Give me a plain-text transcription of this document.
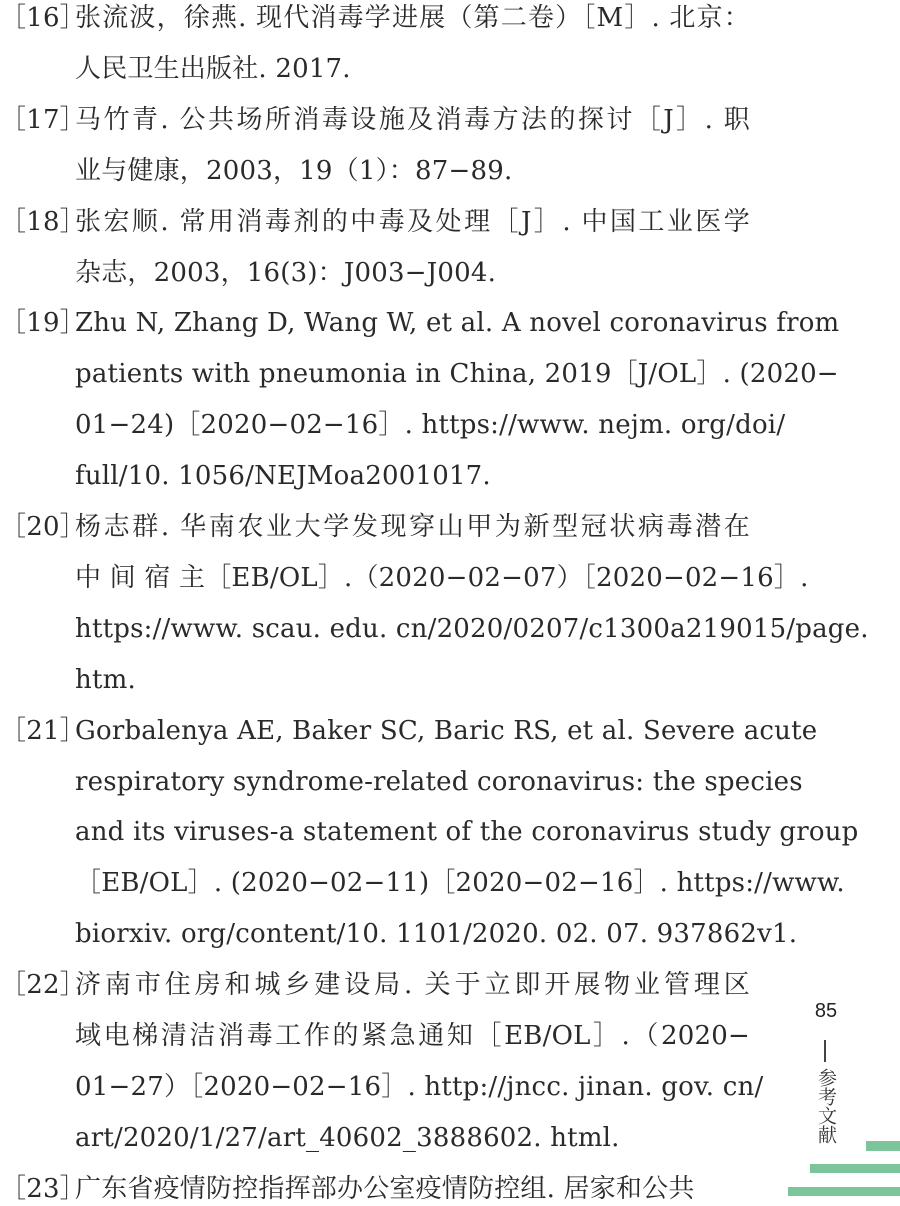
［16］
张流波，徐燕. 现代消毒学进展（第二卷）［M］. 北京：
人民卫生出版社. 2017.
［17］
马竹青. 公共场所消毒设施及消毒方法的探讨［J］. 职
业与健康，2003，19（1）：87−89.
［18］
张宏顺. 常用消毒剂的中毒及处理［J］. 中国工业医学
杂志，2003，16(3)：J003−J004.
［19］
Zhu N, Zhang D, Wang W, et al. A novel coronavirus from
patients with pneumonia in China, 2019［J/OL］. (2020−
01−24)［2020−02−16］. https://www. nejm. org/doi/
full/10. 1056/NEJMoa2001017.
［20］
杨志群. 华南农业大学发现穿山甲为新型冠状病毒潜在
中 间 宿 主［EB/OL］.（2020−02−07）［2020−02−16］.
https://www. scau. edu. cn/2020/0207/c1300a219015/page.
htm.
［21］
Gorbalenya AE, Baker SC, Baric RS, et al. Severe acute
respiratory syndrome-related coronavirus: the species
and its viruses-a statement of the coronavirus study group
［EB/OL］. (2020−02−11)［2020−02−16］. https://www.
biorxiv. org/content/10. 1101/2020. 02. 07. 937862v1.
［22］
济南市住房和城乡建设局. 关于立即开展物业管理区
域电梯清洁消毒工作的紧急通知［EB/OL］.（2020−
01−27）［2020−02−16］. http://jncc. jinan. gov. cn/
art/2020/1/27/art_40602_3888602. html.
［23］
广东省疫情防控指挥部办公室疫情防控组. 居家和公共
85
参考文献
